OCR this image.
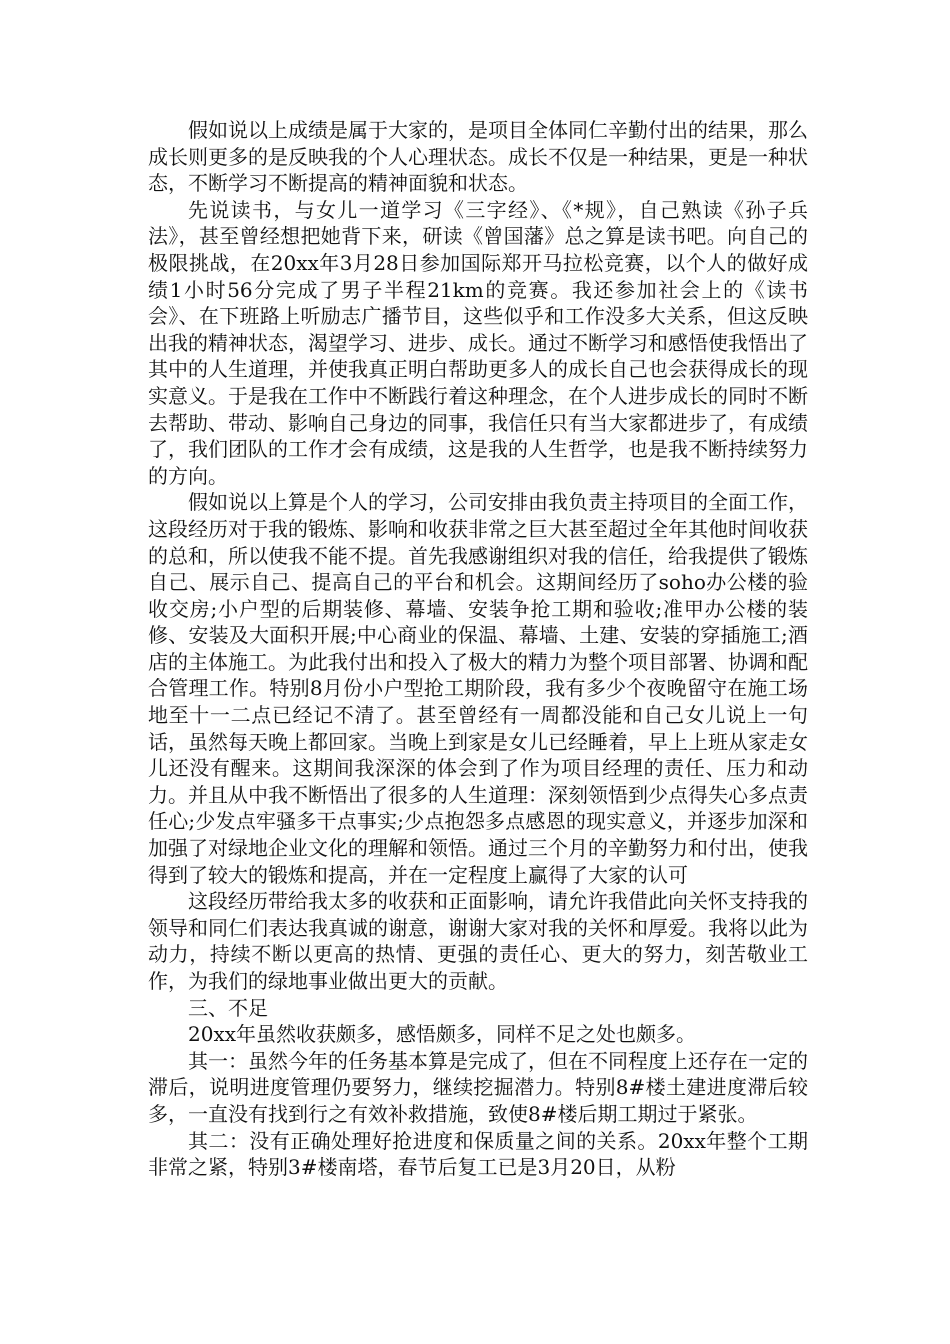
假如说以上成绩是属于大家的，是项目全体同仁辛勤付出的结果，那么成长则更多的是反映我的个人心理状态。成长不仅是一种结果，更是一种状态，不断学习不断提高的精神面貌和状态。

先说读书，与女儿一道学习《三字经》、《*规》，自己熟读《孙子兵法》，甚至曾经想把她背下来，研读《曾国藩》总之算是读书吧。向自己的极限挑战，在20xx年3月28日参加国际郑开马拉松竞赛，以个人的做好成绩1小时56分完成了男子半程21km的竞赛。我还参加社会上的《读书会》、在下班路上听励志广播节目，这些似乎和工作没多大关系，但这反映出我的精神状态，渴望学习、进步、成长。通过不断学习和感悟使我悟出了其中的人生道理，并使我真正明白帮助更多人的成长自己也会获得成长的现实意义。于是我在工作中不断践行着这种理念，在个人进步成长的同时不断去帮助、带动、影响自己身边的同事，我信任只有当大家都进步了，有成绩了，我们团队的工作才会有成绩，这是我的人生哲学，也是我不断持续努力的方向。

假如说以上算是个人的学习，公司安排由我负责主持项目的全面工作，这段经历对于我的锻炼、影响和收获非常之巨大甚至超过全年其他时间收获的总和，所以使我不能不提。首先我感谢组织对我的信任，给我提供了锻炼自己、展示自己、提高自己的平台和机会。这期间经历了soho办公楼的验收交房;小户型的后期装修、幕墙、安装争抢工期和验收;准甲办公楼的装修、安装及大面积开展;中心商业的保温、幕墙、土建、安装的穿插施工;酒店的主体施工。为此我付出和投入了极大的精力为整个项目部署、协调和配合管理工作。特别8月份小户型抢工期阶段，我有多少个夜晚留守在施工场地至十一二点已经记不清了。甚至曾经有一周都没能和自己女儿说上一句话，虽然每天晚上都回家。当晚上到家是女儿已经睡着，早上上班从家走女儿还没有醒来。这期间我深深的体会到了作为项目经理的责任、压力和动力。并且从中我不断悟出了很多的人生道理：深刻领悟到少点得失心多点责任心;少发点牢骚多干点事实;少点抱怨多点感恩的现实意义，并逐步加深和加强了对绿地企业文化的理解和领悟。通过三个月的辛勤努力和付出，使我得到了较大的锻炼和提高，并在一定程度上赢得了大家的认可

这段经历带给我太多的收获和正面影响，请允许我借此向关怀支持我的领导和同仁们表达我真诚的谢意，谢谢大家对我的关怀和厚爱。我将以此为动力，持续不断以更高的热情、更强的责任心、更大的努力，刻苦敬业工作，为我们的绿地事业做出更大的贡献。

三、不足

20xx年虽然收获颇多，感悟颇多，同样不足之处也颇多。

其一：虽然今年的任务基本算是完成了，但在不同程度上还存在一定的滞后，说明进度管理仍要努力，继续挖掘潜力。特别8#楼土建进度滞后较多，一直没有找到行之有效补救措施，致使8#楼后期工期过于紧张。

其二：没有正确处理好抢进度和保质量之间的关系。20xx年整个工期非常之紧，特别3#楼南塔，春节后复工已是3月20日，从粉
